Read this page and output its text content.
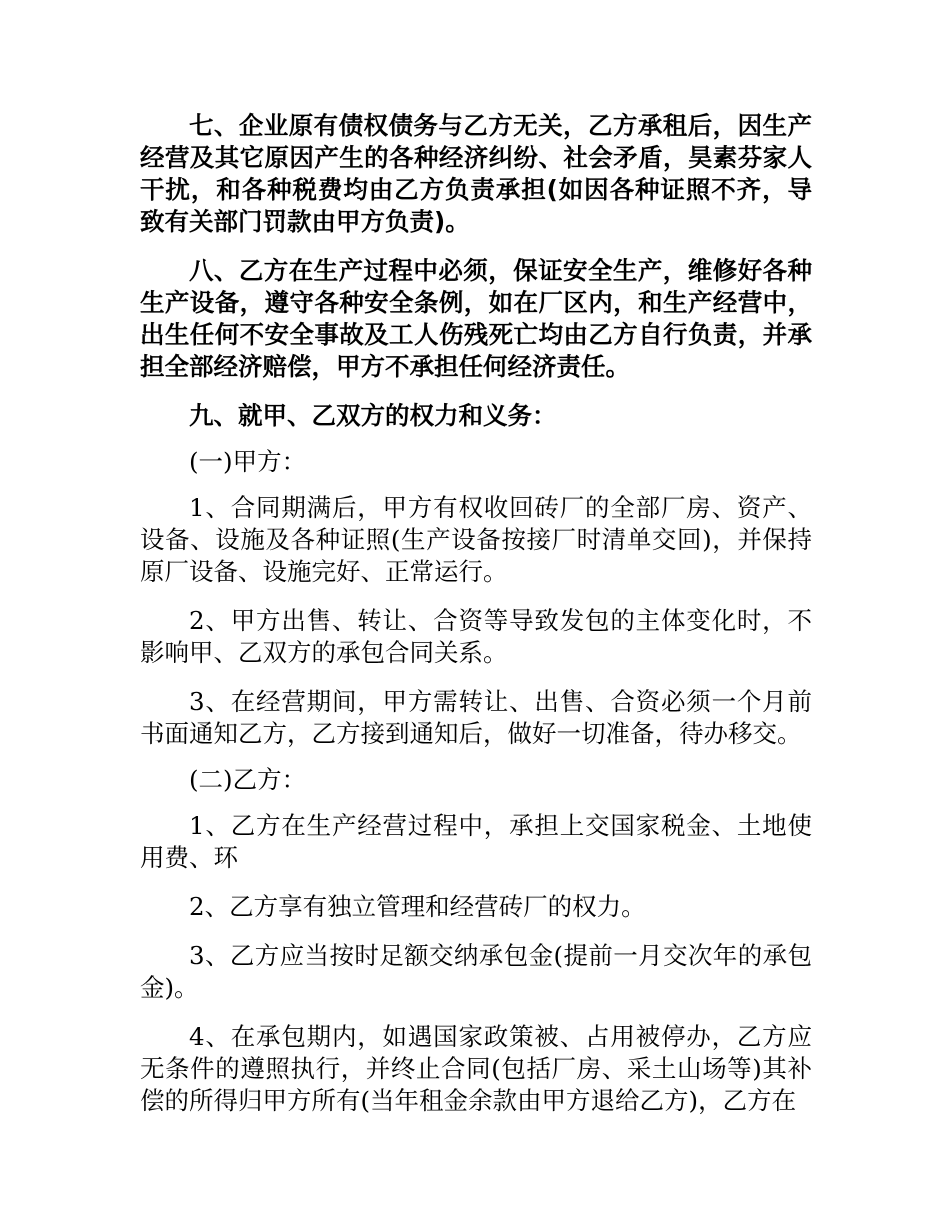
七、企业原有债权债务与乙方无关，乙方承租后，因生产经营及其它原因产生的各种经济纠纷、社会矛盾，昊素芬家人干扰，和各种税费均由乙方负责承担(如因各种证照不齐，导致有关部门罚款由甲方负责)。

八、乙方在生产过程中必须，保证安全生产，维修好各种生产设备，遵守各种安全条例，如在厂区内，和生产经营中，出生任何不安全事故及工人伤残死亡均由乙方自行负责，并承担全部经济赔偿，甲方不承担任何经济责任。

九、就甲、乙双方的权力和义务：

(一)甲方：

1、合同期满后，甲方有权收回砖厂的全部厂房、资产、设备、设施及各种证照(生产设备按接厂时清单交回)，并保持原厂设备、设施完好、正常运行。

2、甲方出售、转让、合资等导致发包的主体变化时，不影响甲、乙双方的承包合同关系。

3、在经营期间，甲方需转让、出售、合资必须一个月前书面通知乙方，乙方接到通知后，做好一切准备，待办移交。

(二)乙方：

1、乙方在生产经营过程中，承担上交国家税金、土地使用费、环

2、乙方享有独立管理和经营砖厂的权力。

3、乙方应当按时足额交纳承包金(提前一月交次年的承包金)。

4、在承包期内，如遇国家政策被、占用被停办，乙方应无条件的遵照执行，并终止合同(包括厂房、采土山场等)其补偿的所得归甲方所有(当年租金余款由甲方退给乙方)，乙方在
